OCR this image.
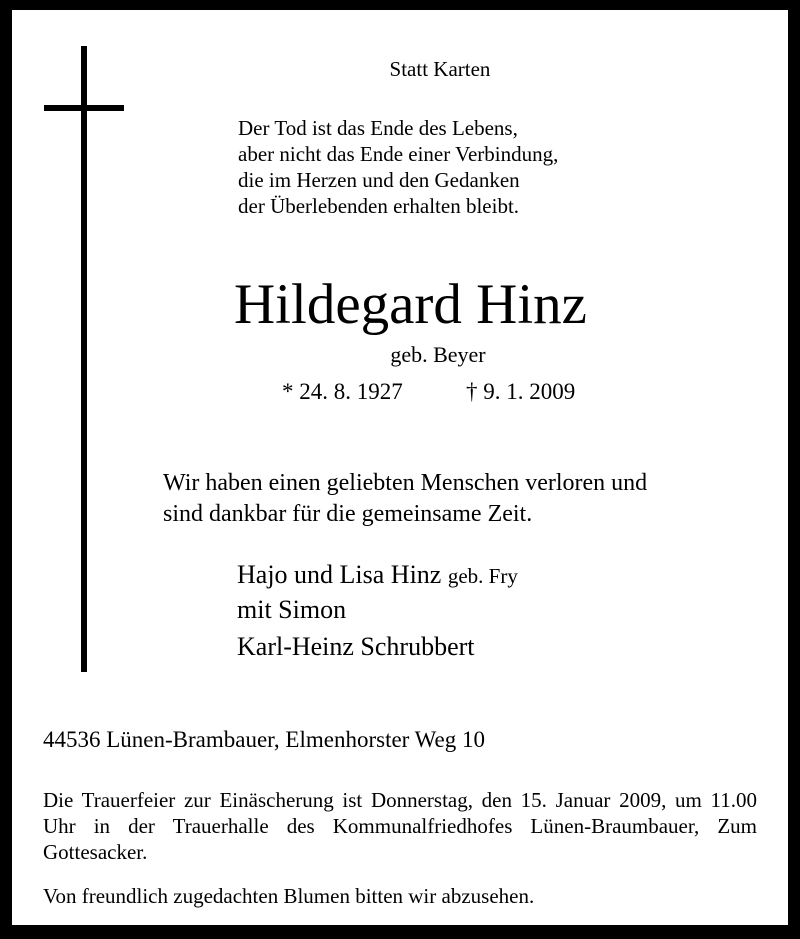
Statt Karten
Der Tod ist das Ende des Lebens,
aber nicht das Ende einer Verbindung,
die im Herzen und den Gedanken
der Überlebenden erhalten bleibt.
Hildegard Hinz
geb. Beyer
* 24. 8. 1927	† 9. 1. 2009
Wir haben einen geliebten Menschen verloren und
sind dankbar für die gemeinsame Zeit.
Hajo und Lisa Hinz geb. Fry
mit Simon
Karl-Heinz Schrubbert
44536 Lünen-Brambauer, Elmenhorster Weg 10
Die Trauerfeier zur Einäscherung ist Donnerstag, den 15. Januar 2009, um 11.00 Uhr in der Trauerhalle des Kommunalfriedhofes Lünen-Braumbauer, Zum Gottesacker.
Von freundlich zugedachten Blumen bitten wir abzusehen.
